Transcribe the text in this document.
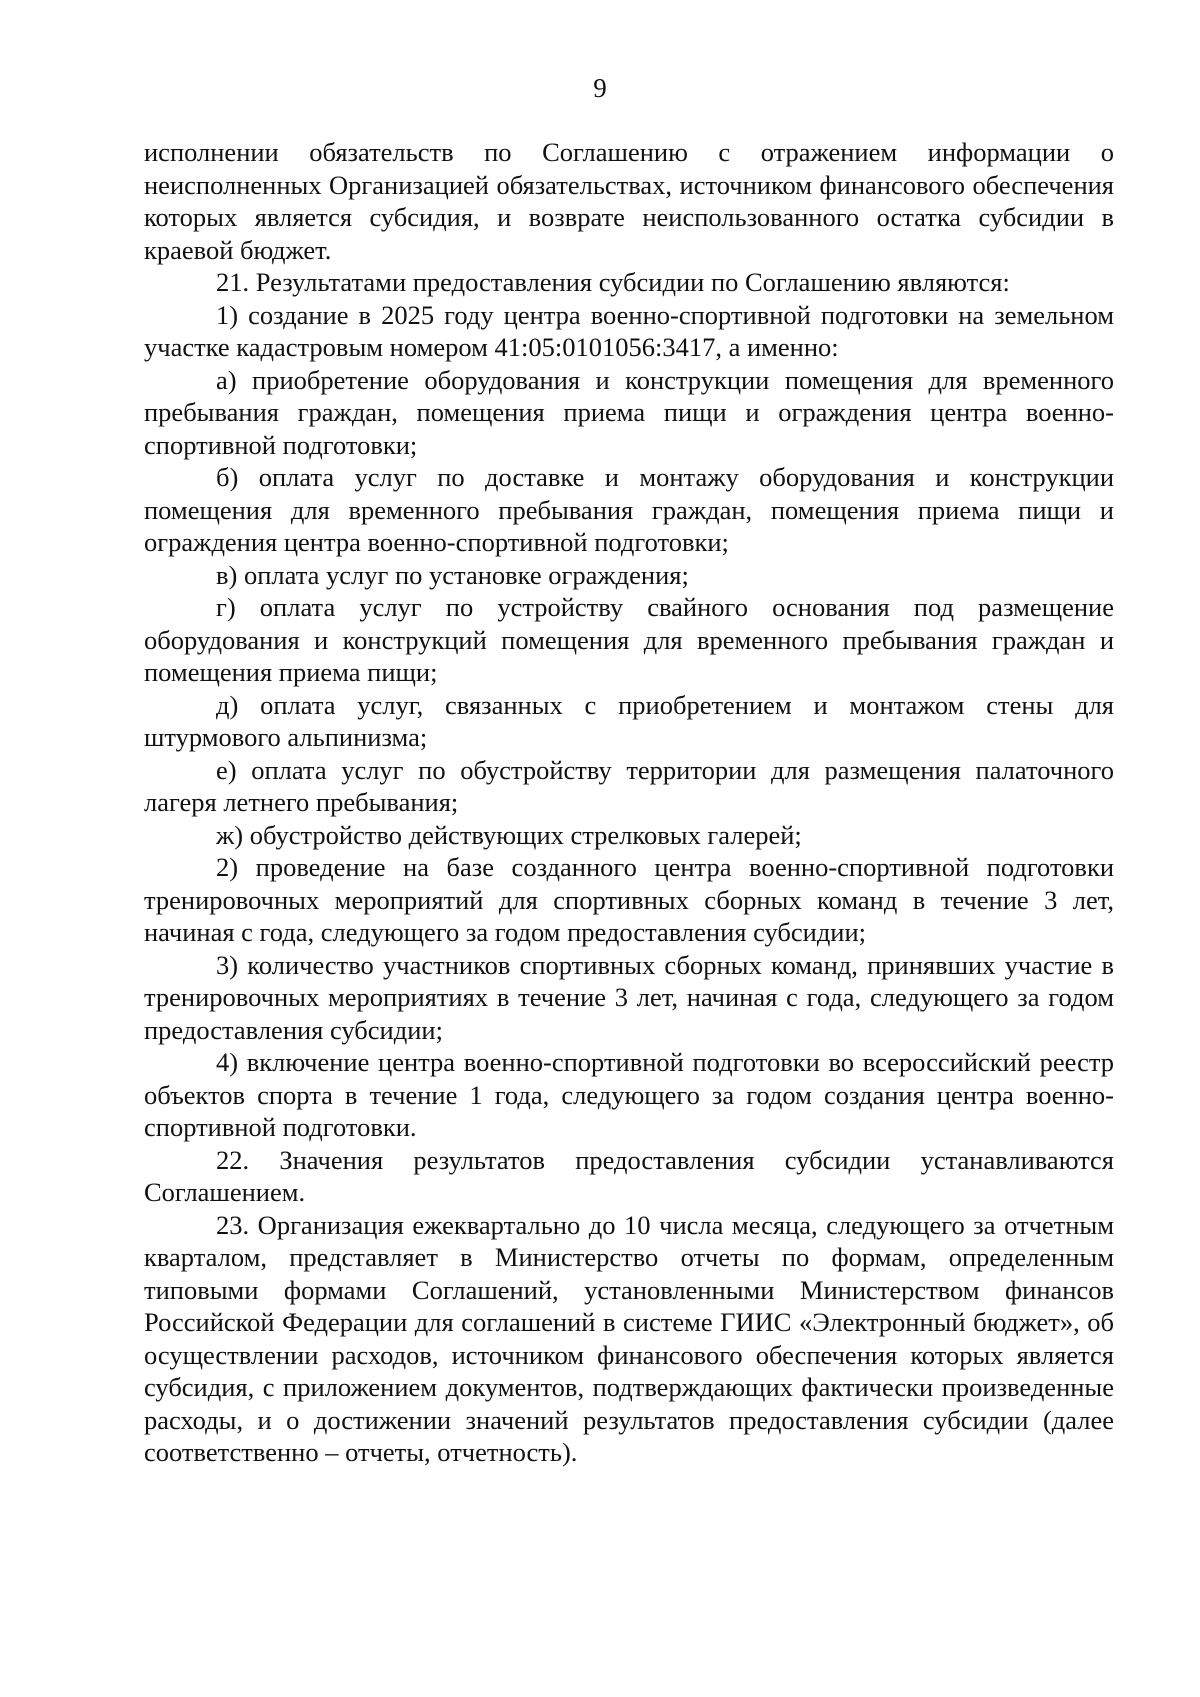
9

исполнении обязательств по Соглашению с отражением информации о неисполненных Организацией обязательствах, источником финансового обеспечения которых является субсидия, и возврате неиспользованного остатка субсидии в краевой бюджет.

21. Результатами предоставления субсидии по Соглашению являются:

1) создание в 2025 году центра военно-спортивной подготовки на земельном участке кадастровым номером 41:05:0101056:3417, а именно:

а) приобретение оборудования и конструкции помещения для временного пребывания граждан, помещения приема пищи и ограждения центра военно-спортивной подготовки;

б) оплата услуг по доставке и монтажу оборудования и конструкции помещения для временного пребывания граждан, помещения приема пищи и ограждения центра военно-спортивной подготовки;

в) оплата услуг по установке ограждения;

г) оплата услуг по устройству свайного основания под размещение оборудования и конструкций помещения для временного пребывания граждан и помещения приема пищи;

д) оплата услуг, связанных с приобретением и монтажом стены для штурмового альпинизма;

е) оплата услуг по обустройству территории для размещения палаточного лагеря летнего пребывания;

ж) обустройство действующих стрелковых галерей;

2) проведение на базе созданного центра военно-спортивной подготовки тренировочных мероприятий для спортивных сборных команд в течение 3 лет, начиная с года, следующего за годом предоставления субсидии;

3) количество участников спортивных сборных команд, принявших участие в тренировочных мероприятиях в течение 3 лет, начиная с года, следующего за годом предоставления субсидии;

4) включение центра военно-спортивной подготовки во всероссийский реестр объектов спорта в течение 1 года, следующего за годом создания центра военно-спортивной подготовки.

22. Значения результатов предоставления субсидии устанавливаются Соглашением.

23. Организация ежеквартально до 10 числа месяца, следующего за отчетным кварталом, представляет в Министерство отчеты по формам, определенным типовыми формами Соглашений, установленными Министерством финансов Российской Федерации для соглашений в системе ГИИС «Электронный бюджет», об осуществлении расходов, источником финансового обеспечения которых является субсидия, с приложением документов, подтверждающих фактически произведенные расходы, и о достижении значений результатов предоставления субсидии (далее соответственно – отчеты, отчетность).
